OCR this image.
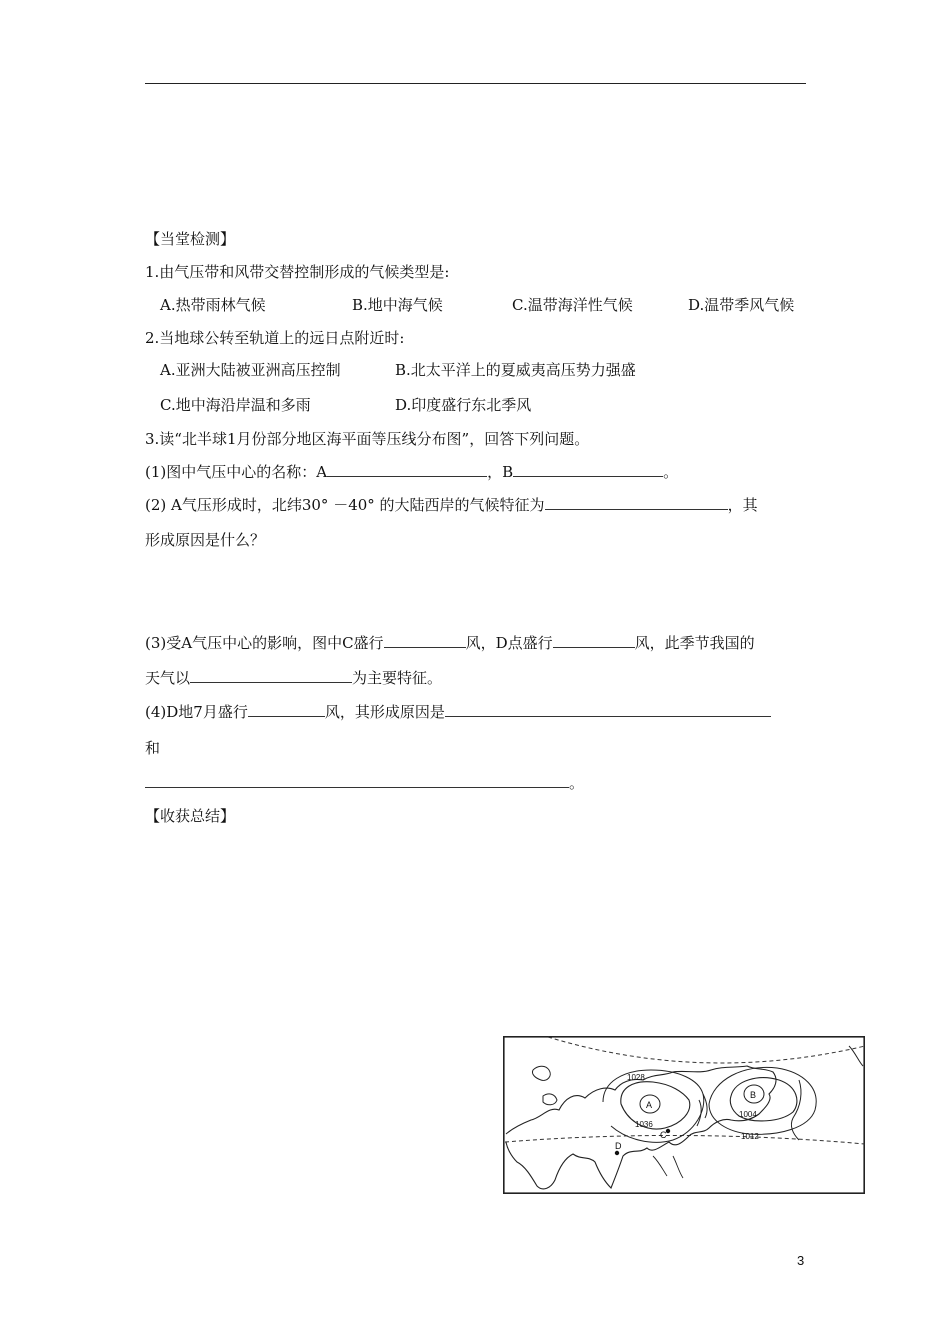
【当堂检测】
1.由气压带和风带交替控制形成的气候类型是:
A.热带雨林气候	B.地中海气候	C.温带海洋性气候	D.温带季风气候
2.当地球公转至轨道上的远日点附近时:
A.亚洲大陆被亚洲高压控制	B.北太平洋上的夏威夷高压势力强盛
C.地中海沿岸温和多雨	D.印度盛行东北季风
3.读“北半球1月份部分地区海平面等压线分布图”，回答下列问题。
(1)图中气压中心的名称：A	，B	。
(2) A气压形成时，北纬30° －40° 的大陆西岸的气候特征为	，其
形成原因是什么？
(3)受A气压中心的影响，图中C盛行	风，D点盛行	风，此季节我国的
天气以	为主要特征。
(4)D地7月盛行	风，其形成原因是
和
。
【收获总结】
1028
A
1036
B
1004
1012
C
D
3
